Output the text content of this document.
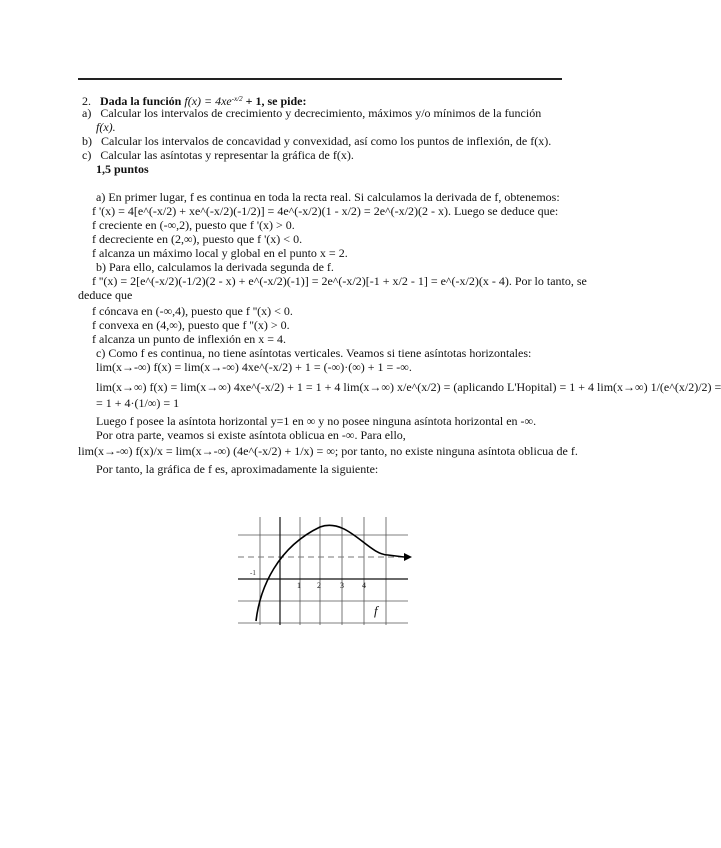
2. Dada la función $f(x) = 4xe^{-x/2} + 1$, se pide:
a) Calcular los intervalos de crecimiento y decrecimiento, máximos y/o mínimos de la función
f(x).
b) Calcular los intervalos de concavidad y convexidad, así como los puntos de inflexión, de f(x).
c) Calcular las asíntotas y representar la gráfica de f(x).
1,5 puntos
a) En primer lugar, f es continua en toda la recta real. Si calculamos la derivada de f, obtenemos:
f '(x) = 4[e^(-x/2) + xe^(-x/2)(-1/2)] = 4e^(-x/2)(1 - x/2) = 2e^(-x/2)(2 - x). Luego se deduce que:
f creciente en (-∞,2), puesto que f '(x) > 0.
f decreciente en (2,∞), puesto que f '(x) < 0.
f alcanza un máximo local y global en el punto x = 2.
b) Para ello, calculamos la derivada segunda de f.
f ''(x) = 2[e^(-x/2)(-1/2)(2 - x) + e^(-x/2)(-1)] = 2e^(-x/2)[-1 + x/2 - 1] = e^(-x/2)(x - 4). Por lo tanto, se
deduce que
f cóncava en (-∞,4), puesto que f ''(x) < 0.
f convexa en (4,∞), puesto que f ''(x) > 0.
f alcanza un punto de inflexión en x = 4.
c) Como f es continua, no tiene asíntotas verticales. Veamos si tiene asíntotas horizontales:
lim(x→-∞) f(x) = lim(x→-∞) 4xe^(-x/2) + 1 = (-∞)·(∞) + 1 = -∞.
lim(x→∞) f(x) = lim(x→∞) 4xe^(-x/2) + 1 = 1 + 4 lim(x→∞) x/e^(x/2) = (aplicando L'Hopital) = 1 + 4 lim(x→∞) 1/(e^(x/2)/2) =
= 1 + 4·(1/∞) = 1
Luego f posee la asíntota horizontal y=1 en ∞ y no posee ninguna asíntota horizontal en -∞.
Por otra parte, veamos si existe asíntota oblicua en -∞. Para ello,
lim(x→-∞) f(x)/x = lim(x→-∞) (4e^(-x/2) + 1/x) = ∞; por tanto, no existe ninguna asíntota oblicua de f.
Por tanto, la gráfica de f es, aproximadamente la siguiente:
-1
1 2 3 4
f
